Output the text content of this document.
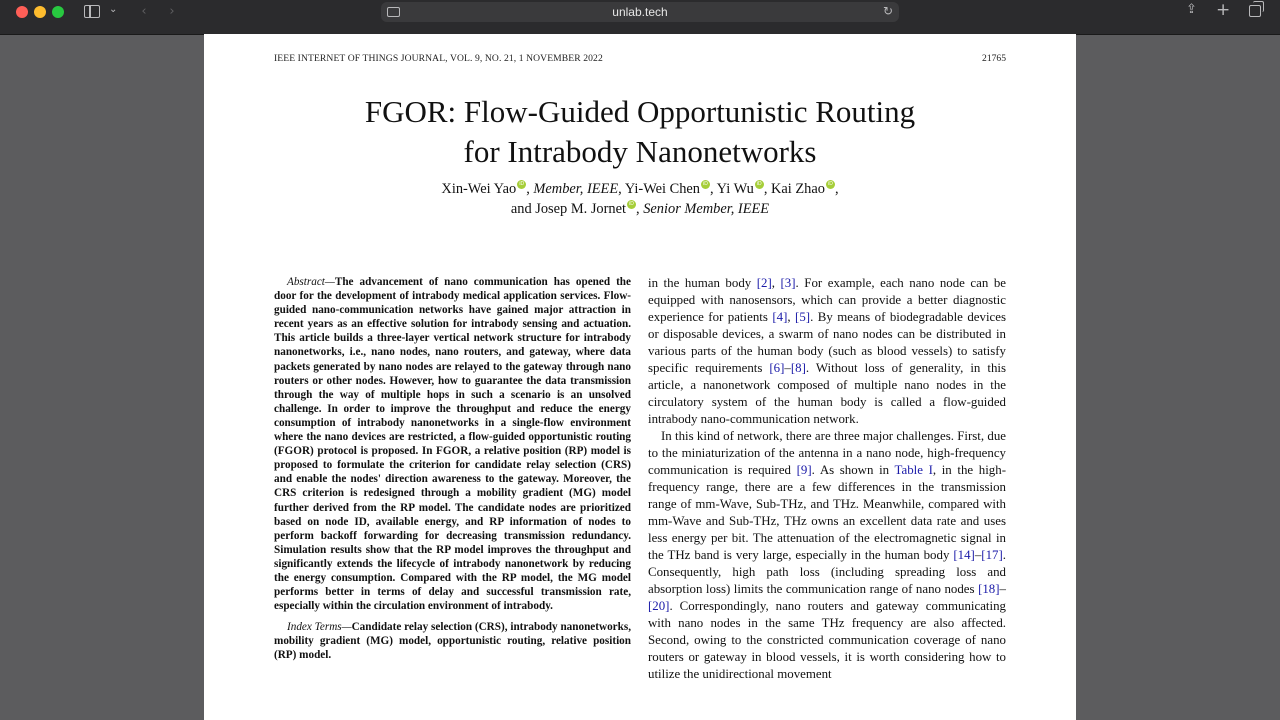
⌄ ‹ ›	unlab.tech	↻	⇪ +
IEEE INTERNET OF THINGS JOURNAL, VOL. 9, NO. 21, 1 NOVEMBER 2022	21765
FGOR: Flow-Guided Opportunistic Routing
for Intrabody Nanonetworks
Xin-Wei Yao iD , Member, IEEE, Yi-Wei Chen iD , Yi Wu iD , Kai Zhao iD ,
and Josep M. Jornet iD , Senior Member, IEEE

Abstract—The advancement of nano communication has opened the door for the development of intrabody medical application services. Flow-guided nano-communication networks have gained major attraction in recent years as an effective solution for intrabody sensing and actuation. This article builds a three-layer vertical network structure for intrabody nanonetworks, i.e., nano nodes, nano routers, and gateway, where data packets generated by nano nodes are relayed to the gateway through nano routers or other nodes. However, how to guarantee the data transmission through the way of multiple hops in such a scenario is an unsolved challenge. In order to improve the throughput and reduce the energy consumption of intrabody nanonetworks in a single-flow environment where the nano devices are restricted, a flow-guided opportunistic routing (FGOR) protocol is proposed. In FGOR, a relative position (RP) model is proposed to formulate the criterion for candidate relay selection (CRS) and enable the nodes' direction awareness to the gateway. Moreover, the CRS criterion is redesigned through a mobility gradient (MG) model further derived from the RP model. The candidate nodes are prioritized based on node ID, available energy, and RP information of nodes to perform backoff forwarding for decreasing transmission redundancy. Simulation results show that the RP model improves the throughput and significantly extends the lifecycle of intrabody nanonetwork by reducing the energy consumption. Compared with the RP model, the MG model performs better in terms of delay and successful transmission rate, especially within the circulation environment of intrabody.

Index Terms—Candidate relay selection (CRS), intrabody nanonetworks, mobility gradient (MG) model, opportunistic routing, relative position (RP) model.

in the human body [2], [3]. For example, each nano node can be equipped with nanosensors, which can provide a better diagnostic experience for patients [4], [5]. By means of biodegradable devices or disposable devices, a swarm of nano nodes can be distributed in various parts of the human body (such as blood vessels) to satisfy specific requirements [6]–[8]. Without loss of generality, in this article, a nanonetwork composed of multiple nano nodes in the circulatory system of the human body is called a flow-guided intrabody nano-communication network.

In this kind of network, there are three major challenges. First, due to the miniaturization of the antenna in a nano node, high-frequency communication is required [9]. As shown in Table I, in the high-frequency range, there are a few differences in the transmission range of mm-Wave, Sub-THz, and THz. Meanwhile, compared with mm-Wave and Sub-THz, THz owns an excellent data rate and uses less energy per bit. The attenuation of the electromagnetic signal in the THz band is very large, especially in the human body [14]–[17]. Consequently, high path loss (including spreading loss and absorption loss) limits the communication range of nano nodes [18]–[20]. Correspondingly, nano routers and gateway communicating with nano nodes in the same THz frequency are also affected. Second, owing to the constricted communication coverage of nano routers or gateway in blood vessels, it is worth considering how to utilize the unidirectional movement
